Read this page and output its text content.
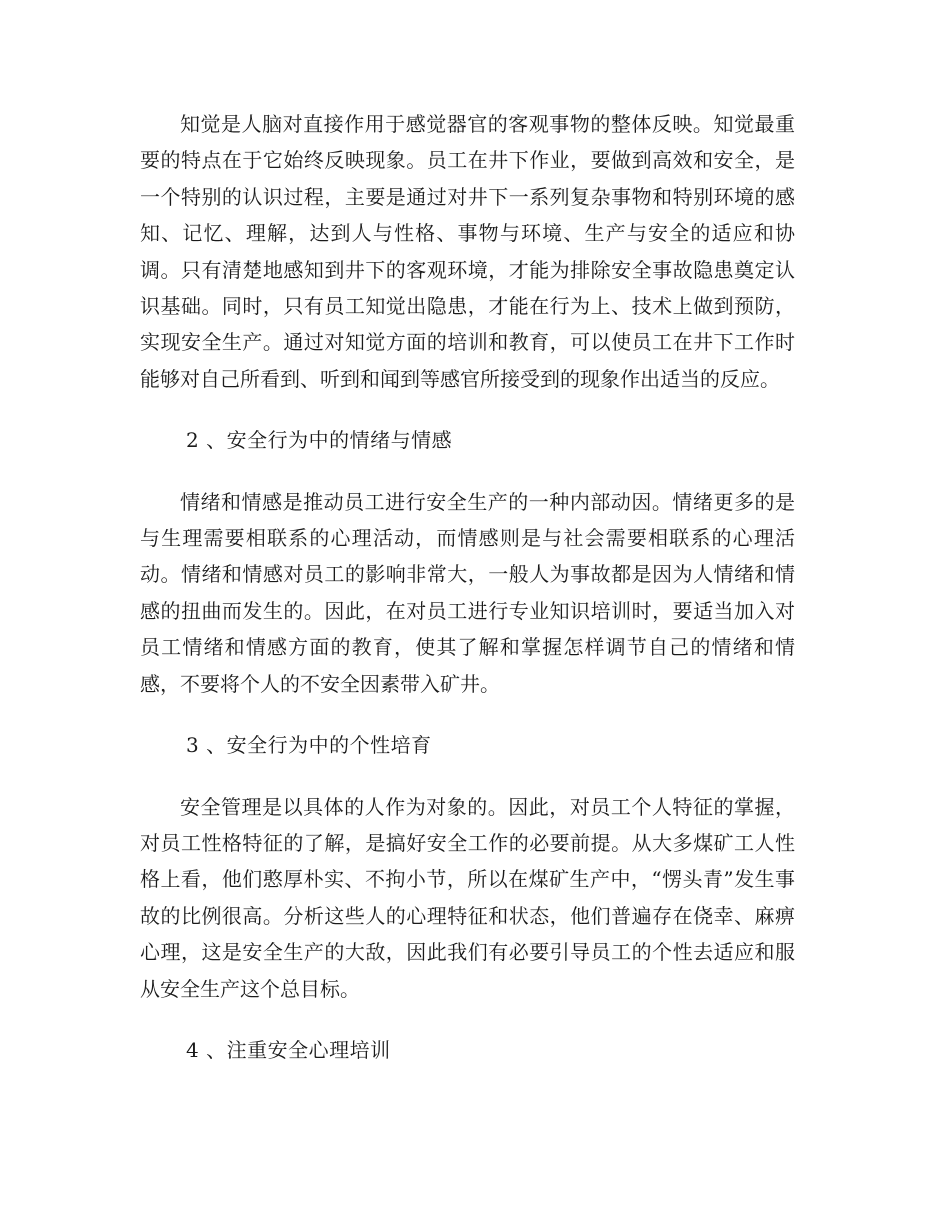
知觉是人脑对直接作用于感觉器官的客观事物的整体反映。知觉最重要的特点在于它始终反映现象。员工在井下作业，要做到高效和安全，是一个特别的认识过程，主要是通过对井下一系列复杂事物和特别环境的感知、记忆、理解，达到人与性格、事物与环境、生产与安全的适应和协调。只有清楚地感知到井下的客观环境，才能为排除安全事故隐患奠定认识基础。同时，只有员工知觉出隐患，才能在行为上、技术上做到预防，实现安全生产。通过对知觉方面的培训和教育，可以使员工在井下工作时能够对自己所看到、听到和闻到等感官所接受到的现象作出适当的反应。

2 、安全行为中的情绪与情感

情绪和情感是推动员工进行安全生产的一种内部动因。情绪更多的是与生理需要相联系的心理活动，而情感则是与社会需要相联系的心理活动。情绪和情感对员工的影响非常大，一般人为事故都是因为人情绪和情感的扭曲而发生的。因此，在对员工进行专业知识培训时，要适当加入对员工情绪和情感方面的教育，使其了解和掌握怎样调节自己的情绪和情感，不要将个人的不安全因素带入矿井。

3 、安全行为中的个性培育

安全管理是以具体的人作为对象的。因此，对员工个人特征的掌握，对员工性格特征的了解，是搞好安全工作的必要前提。从大多煤矿工人性格上看，他们憨厚朴实、不拘小节，所以在煤矿生产中，“愣头青”发生事故的比例很高。分析这些人的心理特征和状态，他们普遍存在侥幸、麻痹心理，这是安全生产的大敌，因此我们有必要引导员工的个性去适应和服从安全生产这个总目标。

4 、注重安全心理培训
